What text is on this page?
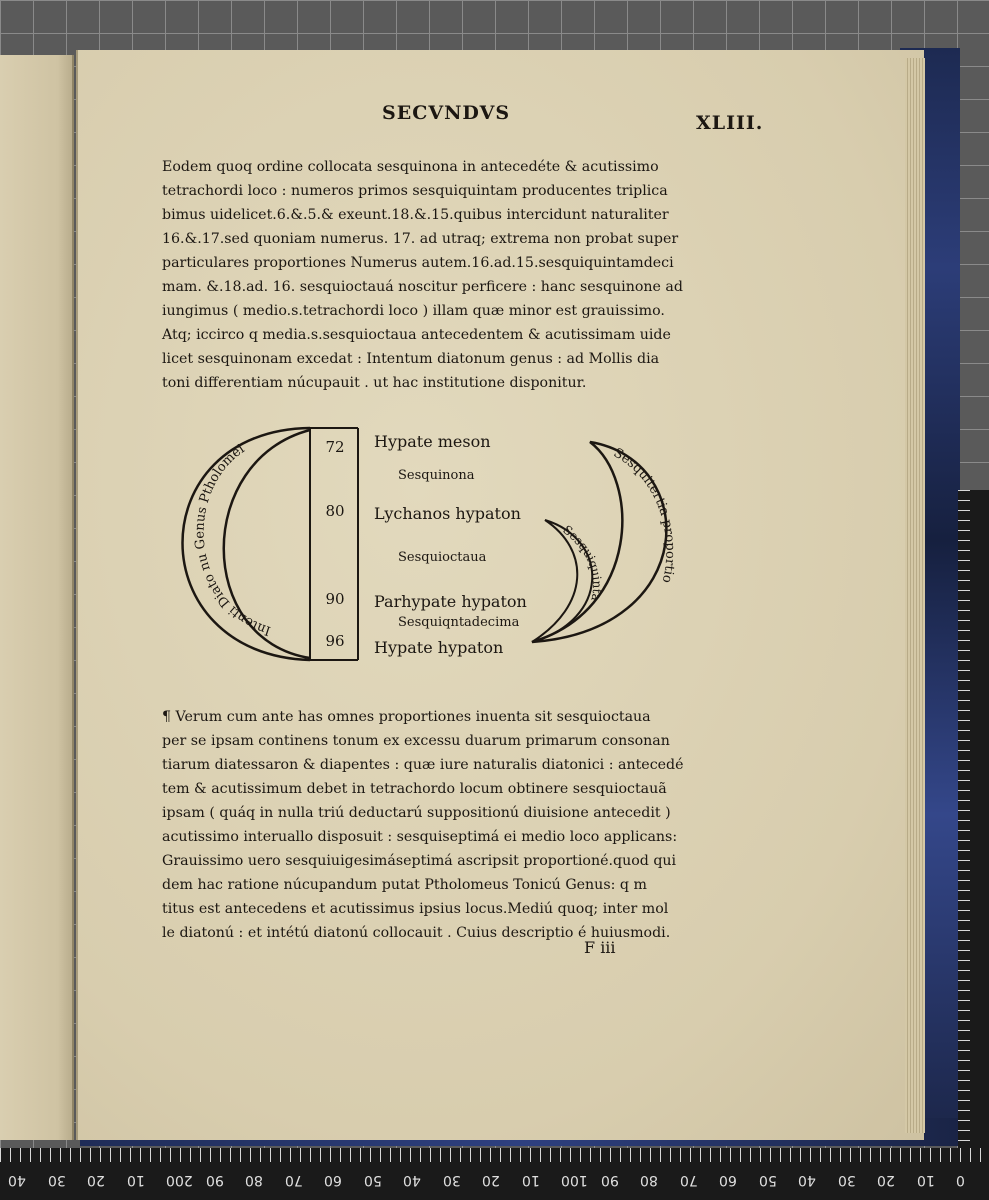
SECVNDVS	XLIII.

Eodem quoq ordine collocata sesquinona in antecedéte & acutissimo
tetrachordi loco : numeros primos sesquiquintam producentes triplica
bimus uidelicet.6.&.5.& exeunt.18.&.15.quibus intercidunt naturaliter
16.&.17.sed quoniam numerus. 17. ad utraq; extrema non probat super
particulares proportiones Numerus autem.16.ad.15.sesquiquintamdeci
mam. &.18.ad. 16. sesquioctauá noscitur perficere : hanc sesquinone ad
iungimus ( medio.s.tetrachordi loco ) illam quæ minor est grauissimo.
Atq; iccirco q media.s.sesquioctaua antecedentem & acutissimam uide
licet sesquinonam excedat : Intentum diatonum genus : ad Mollis dia
toni differentiam núcupauit . ut hac institutione disponitur.

Intenti Diato nu Genus Ptholomei	Sesquitertia proportio
Sesquiquinta
72
80
90
96
Hypate meson
Sesquinona
Lychanos hypaton
Sesquioctaua
Parhypate hypaton
Sesquiqntadecima
Hypate hypaton

¶ Verum cum ante has omnes proportiones inuenta sit sesquioctaua
per se ipsam continens tonum ex excessu duarum primarum consonan
tiarum diatessaron & diapentes : quæ iure naturalis diatonici : antecedé
tem & acutissimum debet in tetrachordo locum obtinere sesquioctauã
ipsam ( quáq in nulla triú deductarú suppositionú diuisione antecedit )
acutissimo interuallo disposuit : sesquiseptimá ei medio loco applicans:
Grauissimo uero sesquiuigesimáseptimá ascripsit proportioné.quod qui
dem hac ratione núcupandum putat Ptholomeus Tonicú Genus: q m
titus est antecedens et acutissimus ipsius locus.Mediú quoq; inter mol
le diatonú : et intétú diatonú collocauit . Cuius descriptio é huiusmodi.

F iii
40 30 20 10 200 90 80 70 60 50 40 30 20 10 100 90 80 70 60 50 40 30 20 10 0
